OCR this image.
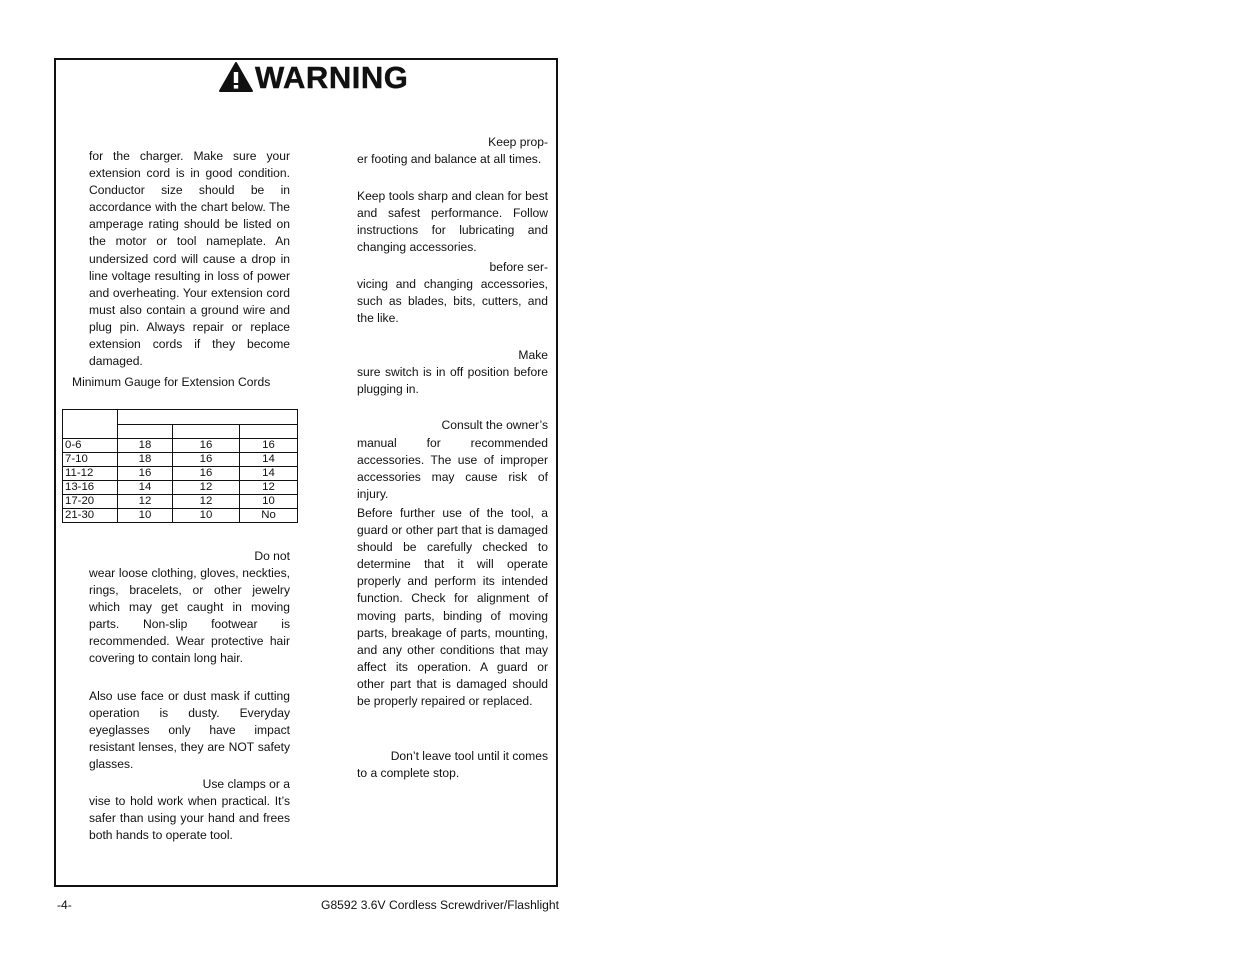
WARNING

for the charger. Make sure your extension cord is in good condition. Conductor size should be in accordance with the chart below. The amperage rating should be listed on the motor or tool nameplate. An undersized cord will cause a drop in line voltage resulting in loss of power and overheating. Your extension cord must also contain a ground wire and plug pin. Always repair or replace extension cords if they become damaged.

Minimum Gauge for Extension Cords

0-6	18	16	16
7-10	18	16	14
11-12	16	16	14
13-16	14	12	12
17-20	12	12	10
21-30	10	10	No

Do not

wear loose clothing, gloves, neckties, rings, bracelets, or other jewelry which may get caught in moving parts. Non-slip footwear is recommended. Wear protective hair covering to contain long hair.

Also use face or dust mask if cutting operation is dusty. Everyday eyeglasses only have impact resistant lenses, they are NOT safety glasses.

Use clamps or a

vise to hold work when practical. It’s safer than using your hand and frees both hands to operate tool.

Keep prop-

er footing and balance at all times.

Keep tools sharp and clean for best and safest performance. Follow instructions for lubricating and changing accessories.

before ser-

vicing and changing accessories, such as blades, bits, cutters, and the like.

Make

sure switch is in off position before plugging in.

Consult the owner’s

manual for recommended accessories. The use of improper accessories may cause risk of injury.

Before further use of the tool, a guard or other part that is damaged should be carefully checked to determine that it will operate properly and perform its intended function. Check for alignment of moving parts, binding of moving parts, breakage of parts, mounting, and any other conditions that may affect its operation. A guard or other part that is damaged should be properly repaired or replaced.

Don’t leave tool until it comes

to a complete stop.

-4-	G8592 3.6V Cordless Screwdriver/Flashlight
